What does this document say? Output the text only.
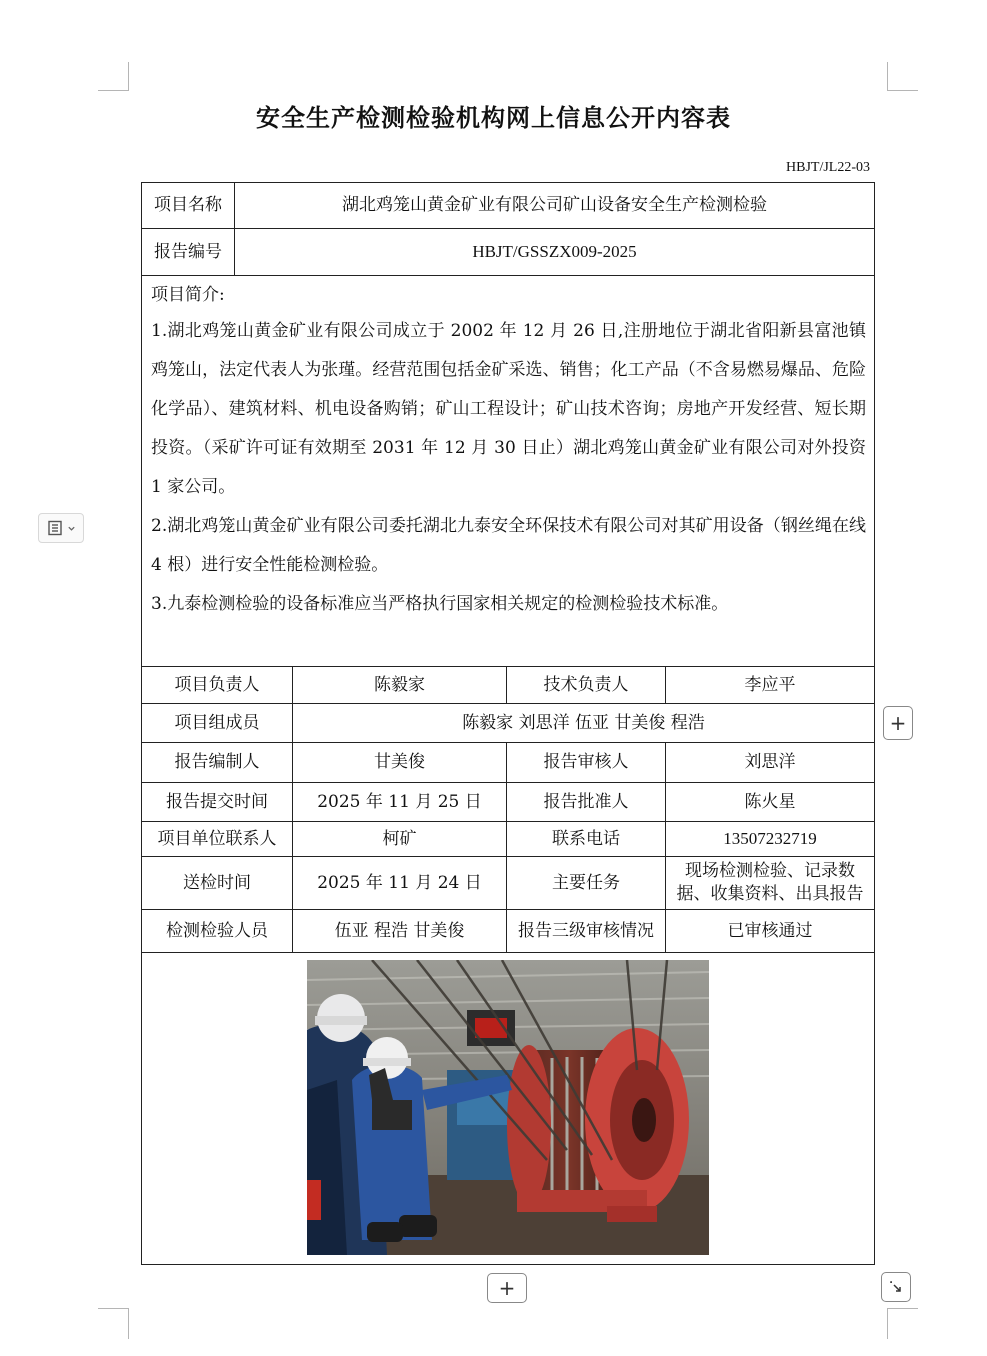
安全生产检测检验机构网上信息公开内容表
HBJT/JL22-03
项目名称	湖北鸡笼山黄金矿业有限公司矿山设备安全生产检测检验			
报告编号	HBJT/GSSZX009-2025			

项目简介:
1.湖北鸡笼山黄金矿业有限公司成立于 2002 年 12 月 26 日,注册地位于湖北省阳新县富池镇鸡笼山，法定代表人为张瑾。经营范围包括金矿采选、销售；化工产品（不含易燃易爆品、危险化学品）、建筑材料、机电设备购销；矿山工程设计；矿山技术咨询；房地产开发经营、短长期投资。（采矿许可证有效期至 2031 年 12 月 30 日止）湖北鸡笼山黄金矿业有限公司对外投资 1 家公司。
2.湖北鸡笼山黄金矿业有限公司委托湖北九泰安全环保技术有限公司对其矿用设备（钢丝绳在线 4 根）进行安全性能检测检验。
3.九泰检测检验的设备标准应当严格执行国家相关规定的检测检验技术标准。				

项目负责人		陈毅家	技术负责人	李应平
项目组成员		陈毅家 刘思洋 伍亚 甘美俊 程浩		
报告编制人		甘美俊	报告审核人	刘思洋
报告提交时间		2025 年 11 月 25 日	报告批准人	陈火星
项目单位联系人		柯矿	联系电话	13507232719
送检时间		2025 年 11 月 24 日	主要任务	现场检测检验、记录数据、收集资料、出具报告
检测检验人员		伍亚 程浩 甘美俊	报告三级审核情况	已审核通过

+
+
